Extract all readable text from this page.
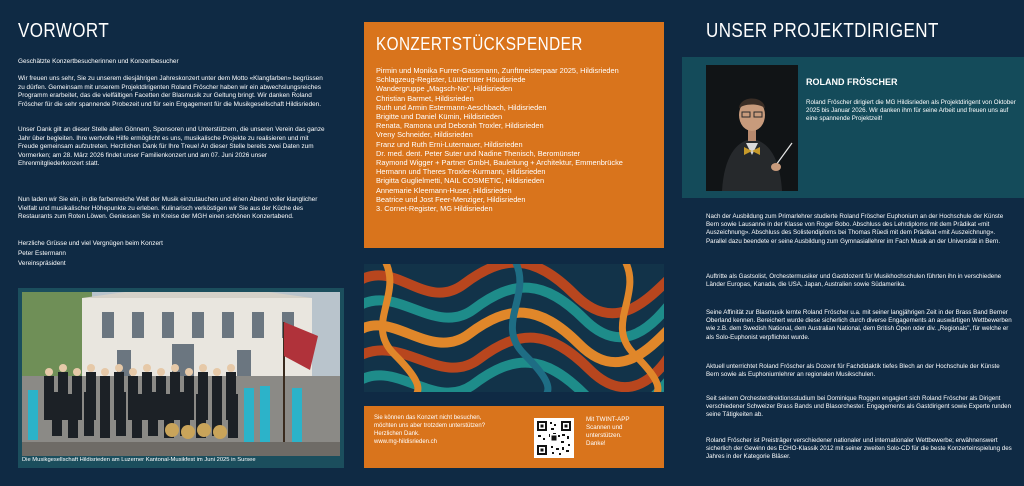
VORWORT

Geschätzte Konzertbesucherinnen und Konzertbesucher

Wir freuen uns sehr, Sie zu unserem diesjährigen Jahreskonzert unter dem Motto «Klangfarben» begrüssen zu dürfen. Gemeinsam mit unserem Projektdirigenten Roland Fröscher haben wir ein abwechslungsreiches Programm erarbeitet, das die vielfältigen Facetten der Blasmusik zur Geltung bringt. Wir danken Roland Fröscher für die sehr spannende Probezeit und für sein Engagement für die Musikgesellschaft Hildisrieden.

Unser Dank gilt an dieser Stelle allen Gönnern, Sponsoren und Unterstützern, die unseren Verein das ganze Jahr über begleiten. Ihre wertvolle Hilfe ermöglicht es uns, musikalische Projekte zu realisieren und mit Freude gemeinsam aufzutreten. Herzlichen Dank für Ihre Treue! An dieser Stelle bereits zwei Daten zum Vormerken; am 28. März 2026 findet unser Familienkonzert und am 07. Juni 2026 unser Ehrenmitgliederkonzert statt.

Nun laden wir Sie ein, in die farbenreiche Welt der Musik einzutauchen und einen Abend voller klanglicher Vielfalt und musikalischer Höhepunkte zu erleben. Kulinarisch verköstigen wir Sie aus der Küche des Restaurants zum Roten Löwen. Geniessen Sie im Kreise der MGH einen schönen Konzertabend.

Herzliche Grüsse und viel Vergnügen beim Konzert

Peter Estermann

Vereinspräsident

Die Musikgesellschaft Hildisrieden am Luzerner Kantonal-Musikfest im Juni 2025 in Sursee

KONZERTSTÜCKSPENDER
Pirmin und Monika Furrer-Gassmann, Zunftmeisterpaar 2025, Hildisrieden
Schlagzeug-Register, Lüütertüter Höudisriede
Wandergruppe „Magsch-No", Hildisrieden
Christian Barmet, Hildisrieden
Ruth und Armin Estermann-Aeschbach, Hildisrieden
Brigitte und Daniel Kümin, Hildisrieden
Renata, Ramona und Deborah Troxler, Hildisrieden
Vreny Schneider, Hildisrieden
Franz und Ruth Erni-Luternauer, Hildisrieden
Dr. med. dent. Peter Suter und Nadine Thenisch, Beromünster
Raymond Wigger + Partner GmbH, Bauleitung + Architektur, Emmenbrücke
Hermann und Theres Troxler-Kurmann, Hildisrieden
Brigitta Guglielmetti, NAIL COSMETIC, Hildisrieden
Annemarie Kleemann-Huser, Hildisrieden
Beatrice und Jost Feer-Menziger, Hildisrieden
3. Cornet-Register, MG Hildisrieden
Sie können das Konzert nicht besuchen,
möchten uns aber trotzdem unterstützen?
Herzlichen Dank.
www.mg-hildisrieden.ch
Mit TWINT-APP
Scannen und
unterstützen.
Danke!
UNSER PROJEKTDIRIGENT
ROLAND FRÖSCHER

Roland Fröscher dirigiert die MG Hildisrieden als Projektdirigent von Oktober 2025 bis Januar 2026. Wir danken ihm für seine Arbeit und freuen uns auf eine spannende Projektzeit!

Nach der Ausbildung zum Primarlehrer studierte Roland Fröscher Euphonium an der Hochschule der Künste Bern sowie Lausanne in der Klasse von Roger Bobo. Abschluss des Lehrdiploms mit dem Prädikat «mit Auszeichnung». Abschluss des Solistendiploms bei Thomas Rüedi mit dem Prädikat «mit Auszeichnung». Parallel dazu beendete er seine Ausbildung zum Gymnasiallehrer im Fach Musik an der Universität in Bern.

Auftritte als Gastsolist, Orchestermusiker und Gastdozent für Musikhochschulen führten ihn in verschiedene Länder Europas, Kanada, die USA, Japan, Australien sowie Südamerika.

Seine Affinität zur Blasmusik lernte Roland Fröscher u.a. mit seiner langjährigen Zeit in der Brass Band Berner Oberland kennen. Bereichert wurde diese sicherlich durch diverse Engagements an auswärtigen Wettbewerben wie z.B. dem Swedish National, dem Australian National, dem British Open oder div. „Regionals", für welche er als Solo-Euphonist verpflichtet wurde.

Aktuell unterrichtet Roland Fröscher als Dozent für Fachdidaktik tiefes Blech an der Hochschule der Künste Bern sowie als Euphoniumlehrer an regionalen Musikschulen.

Seit seinem Orchesterdirektionsstudium bei Dominique Roggen engagiert sich Roland Fröscher als Dirigent verschiedener Schweizer Brass Bands und Blasorchester. Engagements als Gastdirigent sowie Experte runden seine Tätigkeiten ab.

Roland Fröscher ist Preisträger verschiedener nationaler und internationaler Wettbewerbe; erwähnenswert sicherlich der Gewinn des ECHO-Klassik 2012 mit seiner zweiten Solo-CD für die beste Konzerteinspielung des Jahres in der Kategorie Bläser.
